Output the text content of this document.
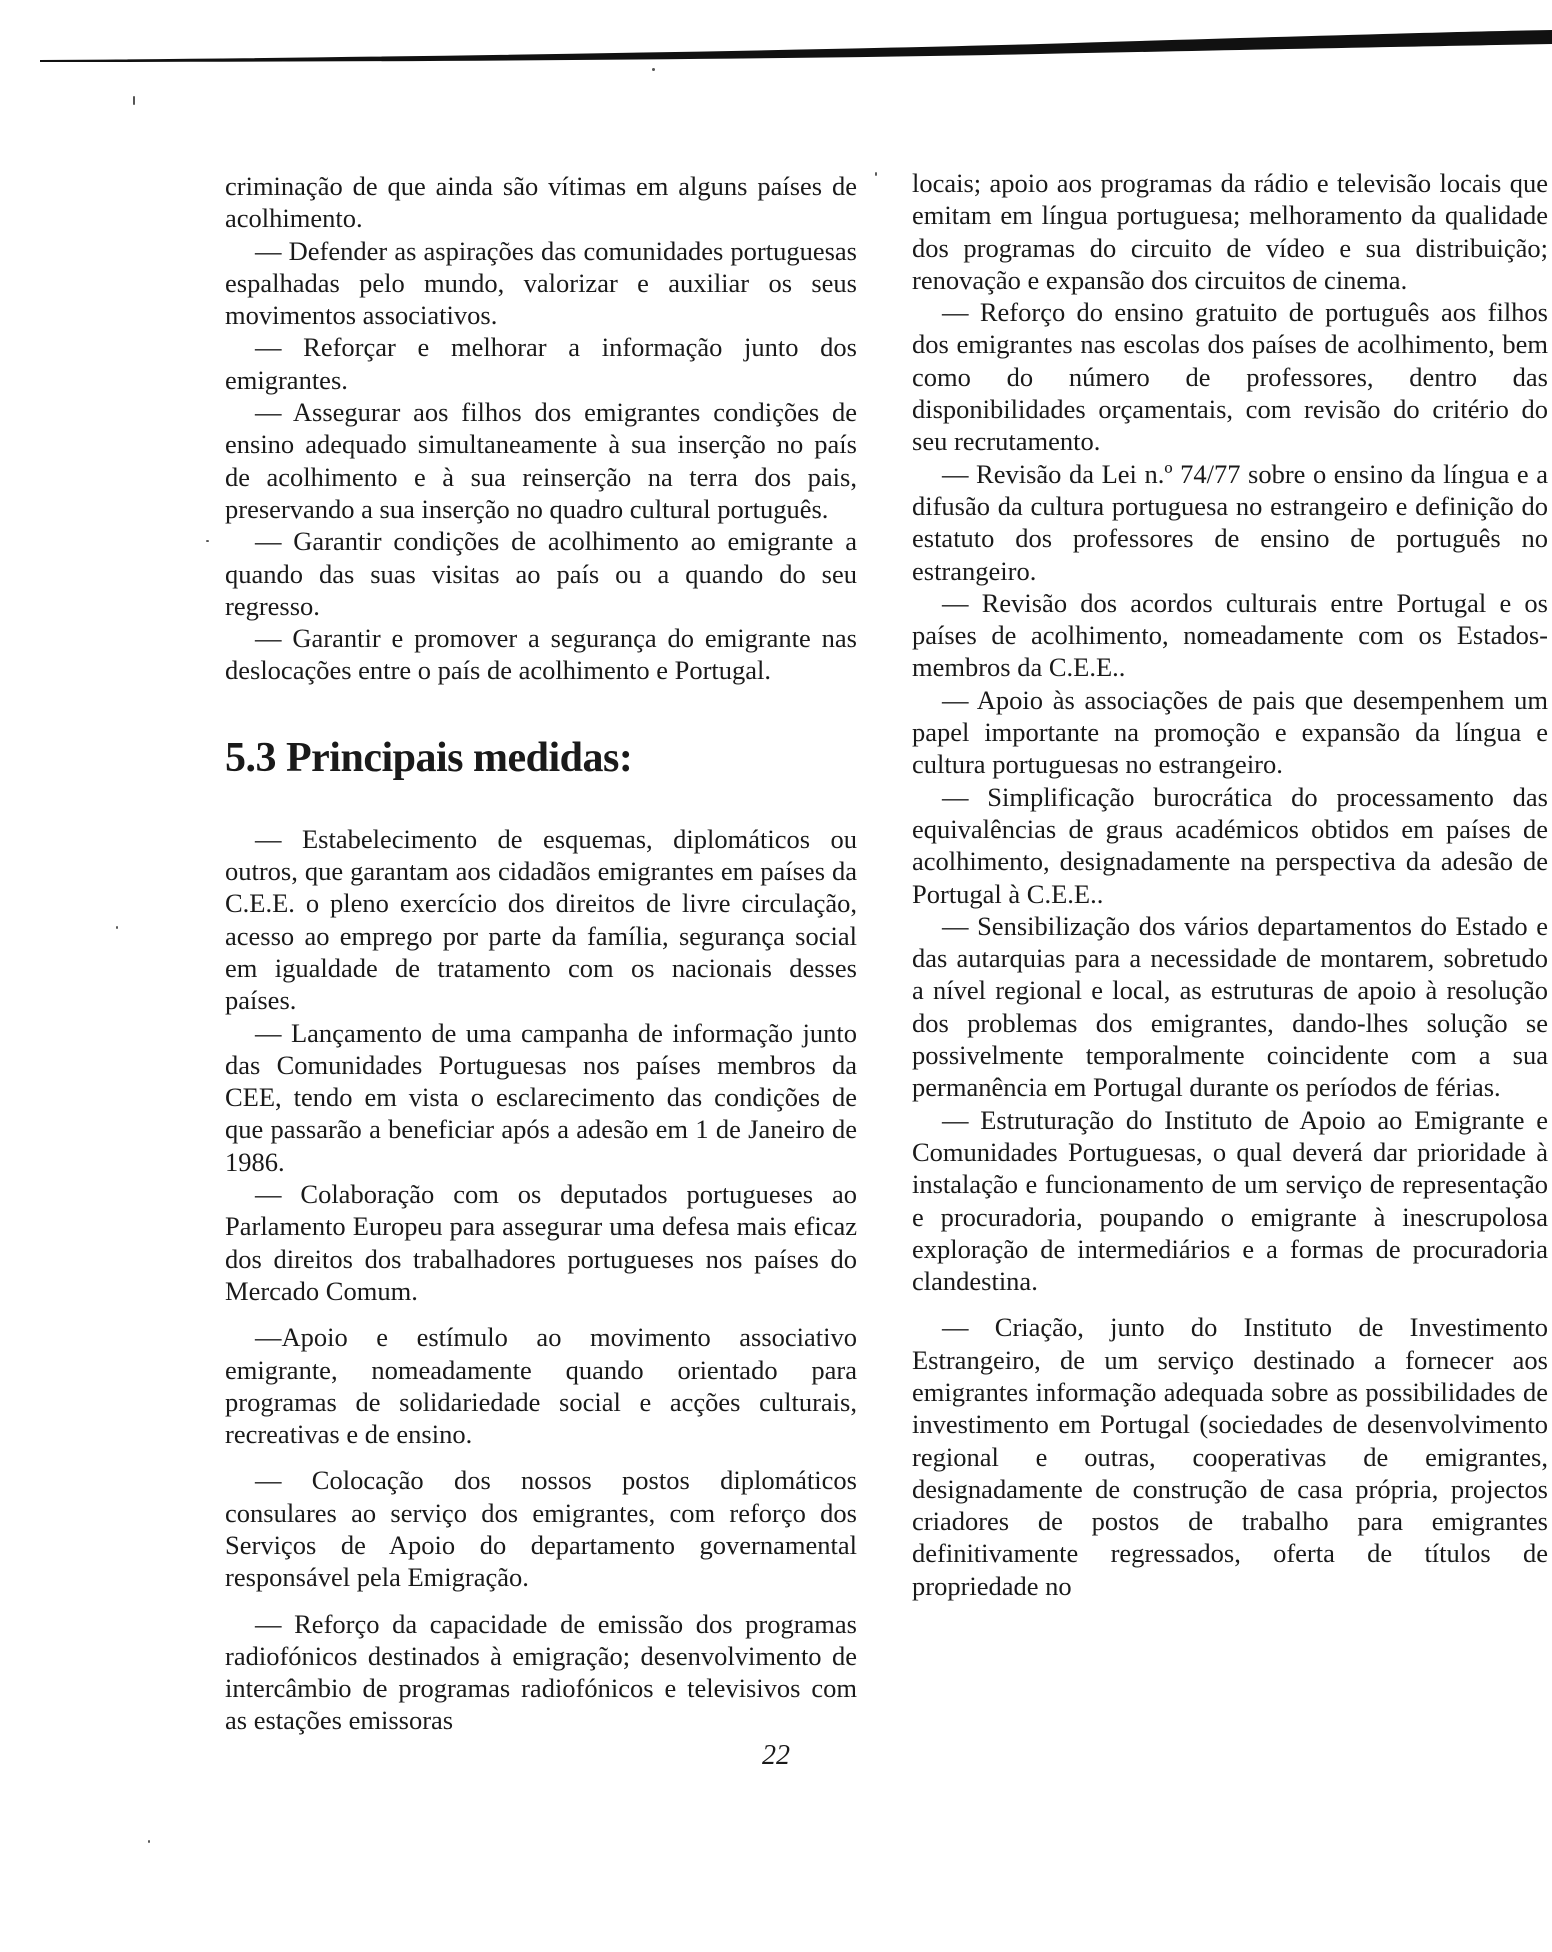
criminação de que ainda são vítimas em alguns países de acolhimento.

— Defender as aspirações das comunidades portuguesas espalhadas pelo mundo, valorizar e auxiliar os seus movimentos associativos.

— Reforçar e melhorar a informação junto dos emigrantes.

— Assegurar aos filhos dos emigrantes condições de ensino adequado simultaneamente à sua inserção no país de acolhimento e à sua reinserção na terra dos pais, preservando a sua inserção no quadro cultural português.

— Garantir condições de acolhimento ao emigrante a quando das suas visitas ao país ou a quando do seu regresso.

— Garantir e promover a segurança do emigrante nas deslocações entre o país de acolhimento e Portugal.

5.3 Principais medidas:

— Estabelecimento de esquemas, diplomáticos ou outros, que garantam aos cidadãos emigrantes em países da C.E.E. o pleno exercício dos direitos de livre circulação, acesso ao emprego por parte da família, segurança social em igualdade de tratamento com os nacionais desses países.

— Lançamento de uma campanha de informação junto das Comunidades Portuguesas nos países membros da CEE, tendo em vista o esclarecimento das condições de que passarão a beneficiar após a adesão em 1 de Janeiro de 1986.

— Colaboração com os deputados portugueses ao Parlamento Europeu para assegurar uma defesa mais eficaz dos direitos dos trabalhadores portugueses nos países do Mercado Comum.

—Apoio e estímulo ao movimento associativo emigrante, nomeadamente quando orientado para programas de solidariedade social e acções culturais, recreativas e de ensino.

— Colocação dos nossos postos diplomáticos consulares ao serviço dos emigrantes, com reforço dos Serviços de Apoio do departamento governamental responsável pela Emigração.

— Reforço da capacidade de emissão dos programas radiofónicos destinados à emigração; desenvolvimento de intercâmbio de programas radiofónicos e televisivos com as estações emissoras

locais; apoio aos programas da rádio e televisão locais que emitam em língua portuguesa; melhoramento da qualidade dos programas do circuito de vídeo e sua distribuição; renovação e expansão dos circuitos de cinema.

— Reforço do ensino gratuito de português aos filhos dos emigrantes nas escolas dos países de acolhimento, bem como do número de professores, dentro das disponibilidades orçamentais, com revisão do critério do seu recrutamento.

— Revisão da Lei n.º 74/77 sobre o ensino da língua e a difusão da cultura portuguesa no estrangeiro e definição do estatuto dos professores de ensino de português no estrangeiro.

— Revisão dos acordos culturais entre Portugal e os países de acolhimento, nomeadamente com os Estados-membros da C.E.E..

— Apoio às associações de pais que desempenhem um papel importante na promoção e expansão da língua e cultura portuguesas no estrangeiro.

— Simplificação burocrática do processamento das equivalências de graus académicos obtidos em países de acolhimento, designadamente na perspectiva da adesão de Portugal à C.E.E..

— Sensibilização dos vários departamentos do Estado e das autarquias para a necessidade de montarem, sobretudo a nível regional e local, as estruturas de apoio à resolução dos problemas dos emigrantes, dando-lhes solução se possivelmente temporalmente coincidente com a sua permanência em Portugal durante os períodos de férias.

— Estruturação do Instituto de Apoio ao Emigrante e Comunidades Portuguesas, o qual deverá dar prioridade à instalação e funcionamento de um serviço de representação e procuradoria, poupando o emigrante à inescrupolosa exploração de intermediários e a formas de procuradoria clandestina.

— Criação, junto do Instituto de Investimento Estrangeiro, de um serviço destinado a fornecer aos emigrantes informação adequada sobre as possibilidades de investimento em Portugal (sociedades de desenvolvimento regional e outras, cooperativas de emigrantes, designadamente de construção de casa própria, projectos criadores de postos de trabalho para emigrantes definitivamente regressados, oferta de títulos de propriedade no

22
